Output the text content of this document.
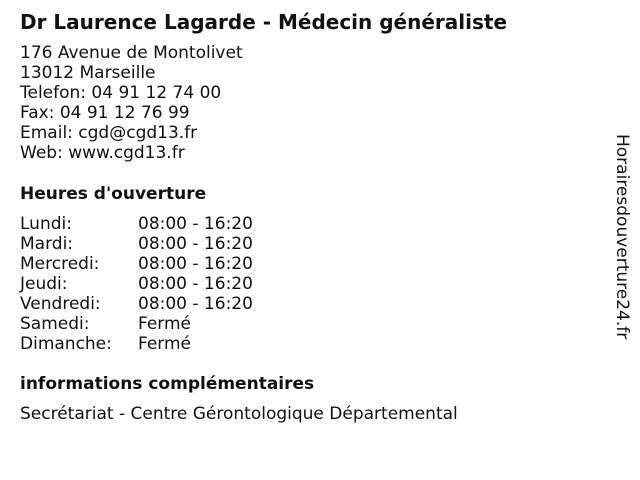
Dr Laurence Lagarde - Médecin généraliste
176 Avenue de Montolivet
13012 Marseille
Telefon: 04 91 12 74 00
Fax: 04 91 12 76 99
Email: cgd@cgd13.fr
Web: www.cgd13.fr
Heures d'ouverture
Lundi:	08:00 - 16:20
Mardi:	08:00 - 16:20
Mercredi:	08:00 - 16:20
Jeudi:	08:00 - 16:20
Vendredi:	08:00 - 16:20
Samedi:	Fermé
Dimanche:	Fermé
informations complémentaires
Secrétariat - Centre Gérontologique Départemental
Horairesdouverture24.fr
